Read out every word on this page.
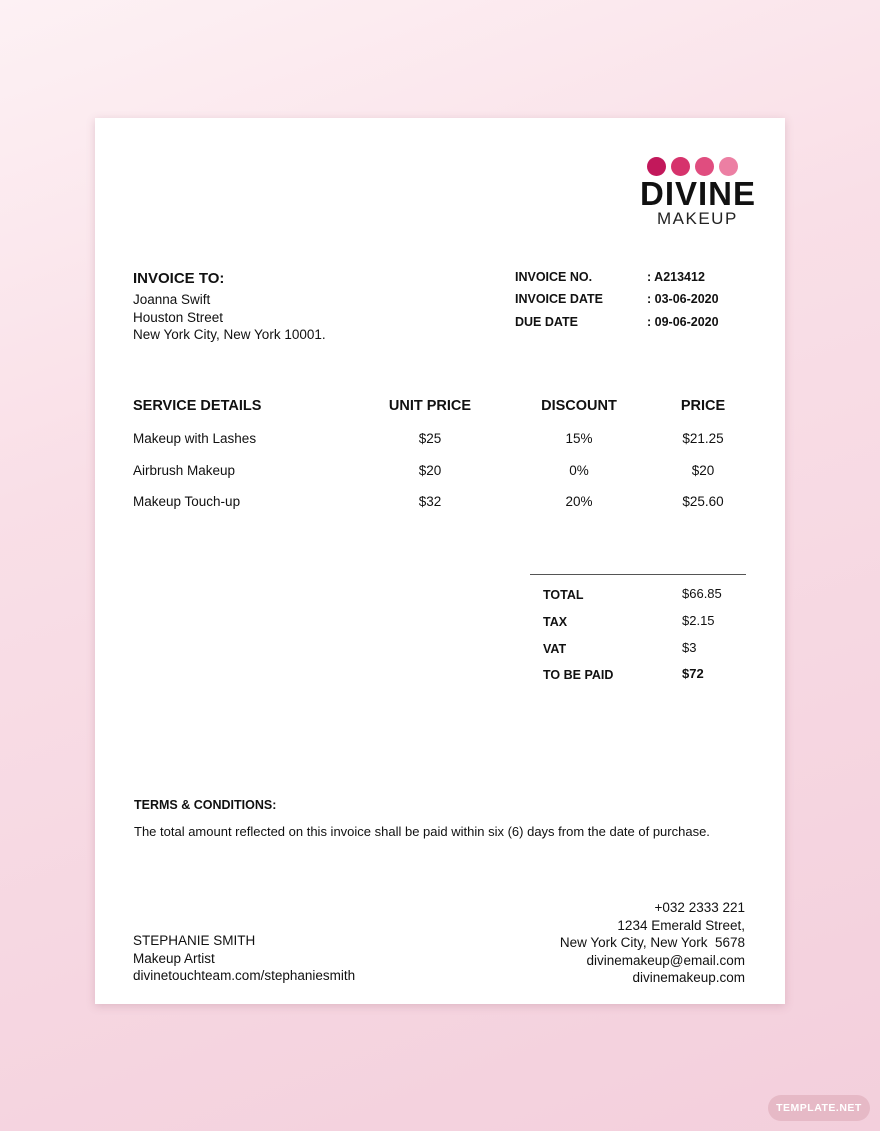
DIVINE
MAKEUP
INVOICE TO:
Joanna Swift
Houston Street
New York City, New York 10001.
INVOICE NO.	: A213412
INVOICE DATE	: 03-06-2020
DUE DATE	: 09-06-2020
SERVICE DETAILS	UNIT PRICE	DISCOUNT	PRICE
Makeup with Lashes	$25	15%	$21.25
Airbrush Makeup	$20	0%	$20
Makeup Touch-up	$32	20%	$25.60
TOTAL	$66.85
TAX	$2.15
VAT	$3
TO BE PAID	$72
TERMS & CONDITIONS:
The total amount reflected on this invoice shall be paid within six (6) days from the date of purchase.
STEPHANIE SMITH
Makeup Artist
divinetouchteam.com/stephaniesmith
+032 2333 221
1234 Emerald Street,
New York City, New York  5678
divinemakeup@email.com
divinemakeup.com
TEMPLATE.NET
